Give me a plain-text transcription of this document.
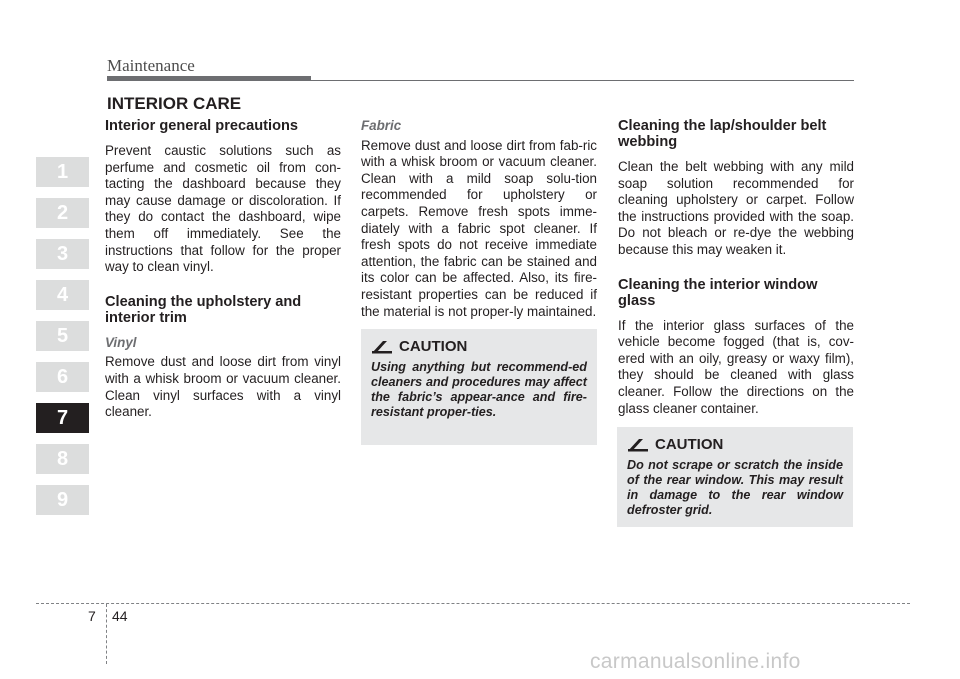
Maintenance
INTERIOR CARE
1
2
3
4
5
6
7
8
9
Interior general precautions

Prevent caustic solutions such as perfume and cosmetic oil from con-tacting the dashboard because they may cause damage or discoloration. If they do contact the dashboard, wipe them off immediately. See the instructions that follow for the proper way to clean vinyl.

Cleaning the upholstery and interior trim
Vinyl

Remove dust and loose dirt from vinyl with a whisk broom or vacuum cleaner. Clean vinyl surfaces with a vinyl cleaner.

Fabric

Remove dust and loose dirt from fab-ric with a whisk broom or vacuum cleaner. Clean with a mild soap solu-tion recommended for upholstery or carpets. Remove fresh spots imme-diately with a fabric spot cleaner. If fresh spots do not receive immediate attention, the fabric can be stained and its color can be affected. Also, its fire-resistant properties can be reduced if the material is not proper-ly maintained.

CAUTION
Using anything but recommend-ed cleaners and procedures may affect the fabric’s appear-ance and fire-resistant proper-ties.
Cleaning the lap/shoulder belt webbing

Clean the belt webbing with any mild soap solution recommended for cleaning upholstery or carpet. Follow the instructions provided with the soap. Do not bleach or re-dye the webbing because this may weaken it.

Cleaning the interior window glass

If the interior glass surfaces of the vehicle become fogged (that is, cov-ered with an oily, greasy or waxy film), they should be cleaned with glass cleaner. Follow the directions on the glass cleaner container.

CAUTION
Do not scrape or scratch the inside of the rear window. This may result in damage to the rear window defroster grid.
7 44
carmanualsonline.info
